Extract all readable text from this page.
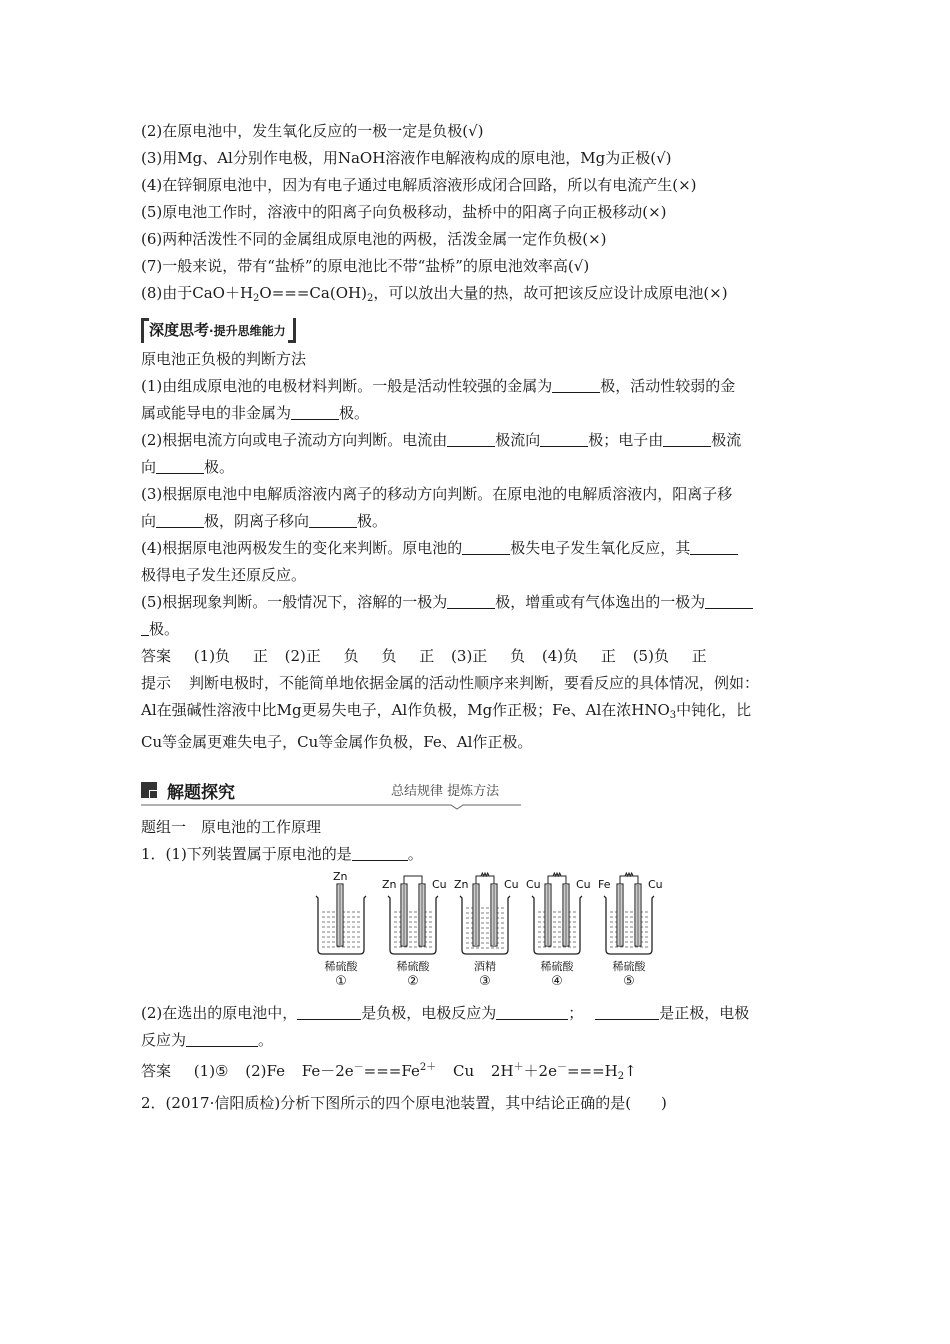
(2)在原电池中，发生氧化反应的一极一定是负极(√)
(3)用Mg、Al分别作电极，用NaOH溶液作电解液构成的原电池，Mg为正极(√)
(4)在锌铜原电池中，因为有电子通过电解质溶液形成闭合回路，所以有电流产生(×)
(5)原电池工作时，溶液中的阳离子向负极移动，盐桥中的阳离子向正极移动(×)
(6)两种活泼性不同的金属组成原电池的两极，活泼金属一定作负极(×)
(7)一般来说，带有“盐桥”的原电池比不带“盐桥”的原电池效率高(√)
(8)由于$CaO+H_2O===Ca(OH)_2$，可以放出大量的热，故可把该反应设计成原电池(×)
深度思考·提升思维能力
原电池正负极的判断方法
(1)由组成原电池的电极材料判断。一般是活动性较强的金属为	极，活动性较弱的金
属或能导电的非金属为	极。
(2)根据电流方向或电子流动方向判断。电流由	极流向	极；电子由	极流
向	极。
(3)根据原电池中电解质溶液内离子的移动方向判断。在原电池的电解质溶液内，阳离子移
向	极，阴离子移向	极。
(4)根据原电池两极发生的变化来判断。原电池的	极失电子发生氧化反应，其
极得电子发生还原反应。
(5)根据现象判断。一般情况下，溶解的一极为	极，增重或有气体逸出的一极为
极。
答案 (1)负 正 (2)正 负 负 正 (3)正 负 (4)负 正 (5)负 正
提示 判断电极时，不能简单地依据金属的活动性顺序来判断，要看反应的具体情况，例如：
Al在强碱性溶液中比Mg更易失电子，Al作负极，Mg作正极；Fe、Al在浓$HNO_3$中钝化，比
Cu等金属更难失电子，Cu等金属作负极，Fe、Al作正极。
解题探究	总结规律 提炼方法
题组一　原电池的工作原理
1．(1)下列装置属于原电池的是	。
Zn
稀硫酸
①
Zn	Cu
稀硫酸
②
Zn	Cu
酒精
③
Cu	Cu
稀硫酸
④
Fe	Cu
稀硫酸
⑤
(2)在选出的原电池中，	是负极，电极反应为	；	是正极，电极
反应为	。
答案 (1)⑤ (2)Fe $Fe-2e^-===Fe^{2+}$ Cu $2H^++2e^-===H_2↑$
2．(2017·信阳质检)分析下图所示的四个原电池装置，其中结论正确的是(　　)
